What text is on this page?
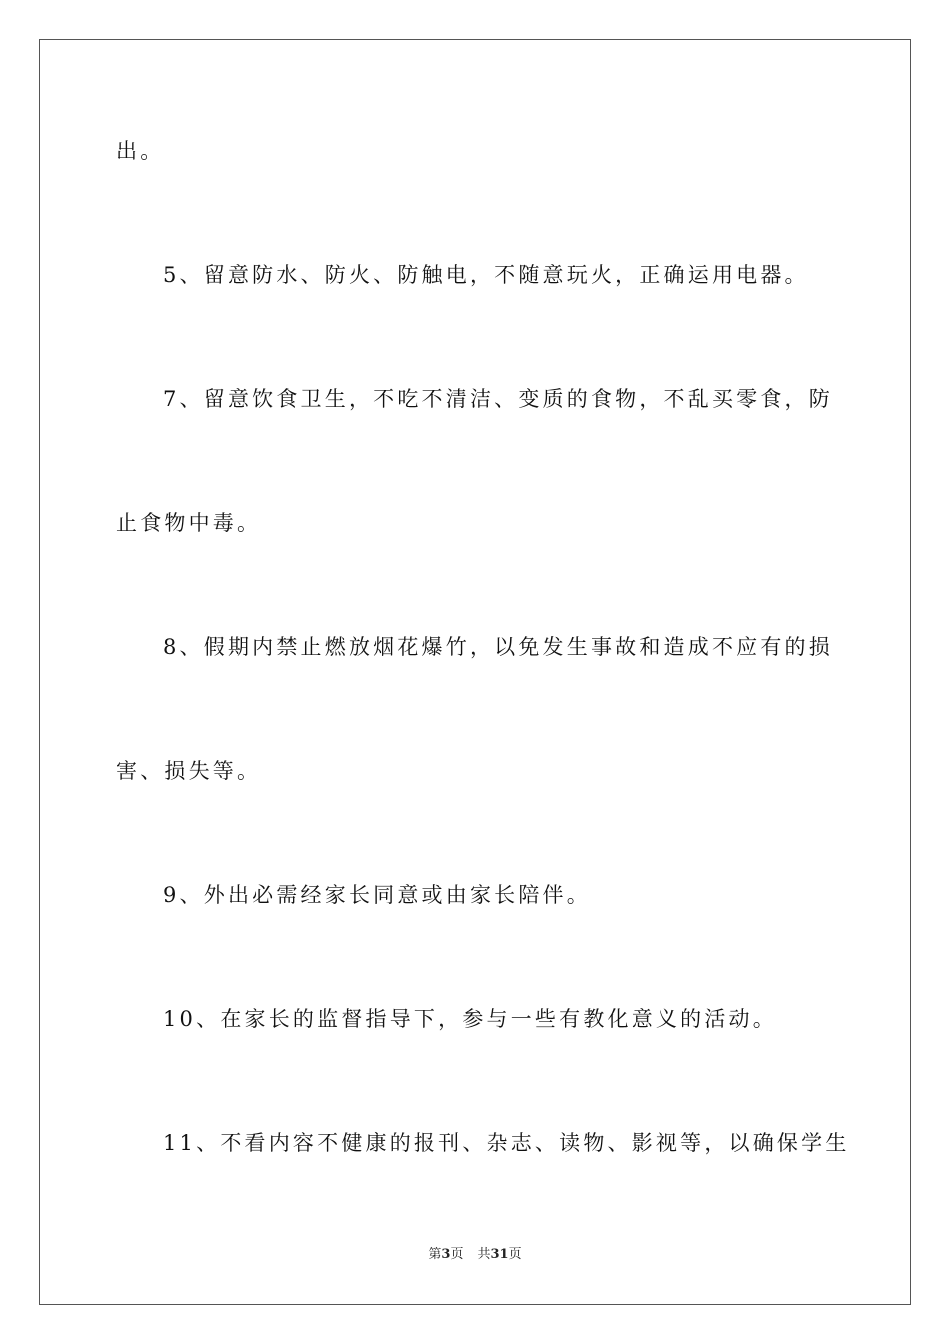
出。
5、留意防水、防火、防触电，不随意玩火，正确运用电器。
7、留意饮食卫生，不吃不清洁、变质的食物，不乱买零食，防
止食物中毒。
8、假期内禁止燃放烟花爆竹，以免发生事故和造成不应有的损
害、损失等。
9、外出必需经家长同意或由家长陪伴。
10、在家长的监督指导下，参与一些有教化意义的活动。
11、不看内容不健康的报刊、杂志、读物、影视等，以确保学生
第3页 共31页
